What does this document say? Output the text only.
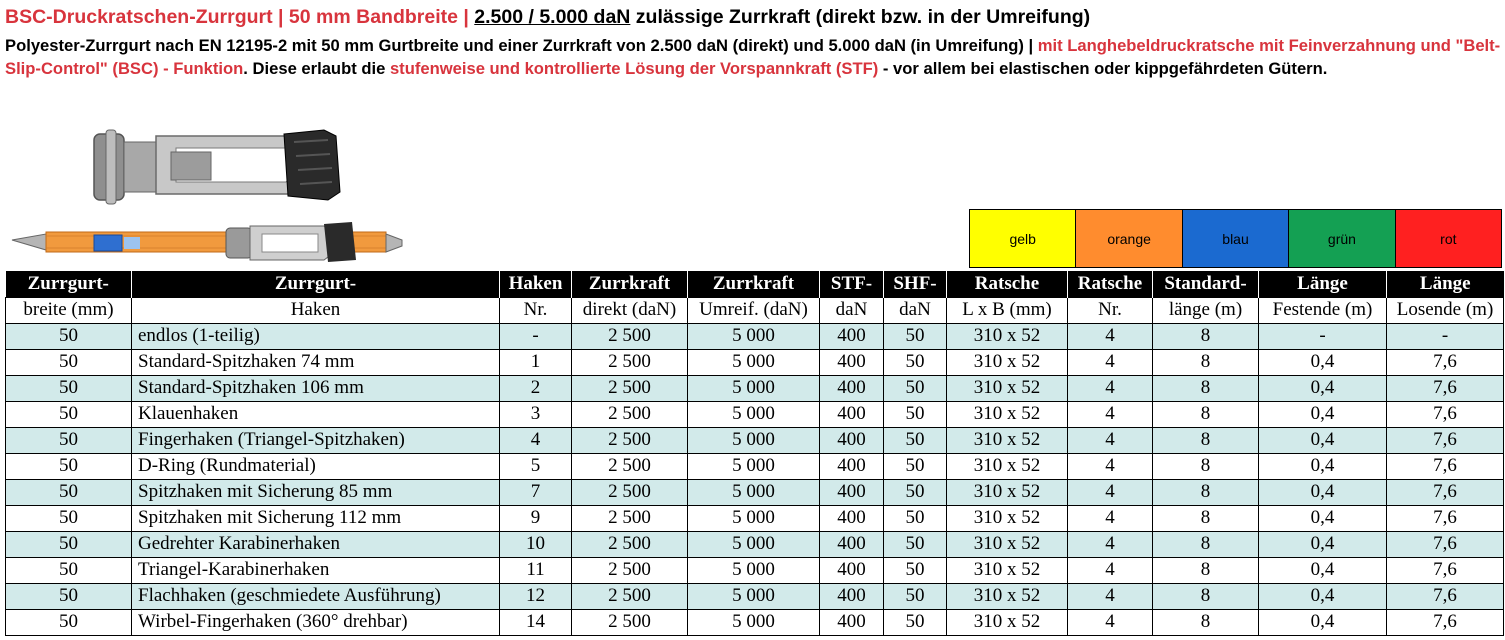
BSC-Druckratschen-Zurrgurt | 50 mm Bandbreite | 2.500 / 5.000 daN zulässige Zurrkraft (direkt bzw. in der Umreifung)
Polyester-Zurrgurt nach EN 12195-2 mit 50 mm Gurtbreite und einer Zurrkraft von 2.500 daN (direkt) und 5.000 daN (in Umreifung) | mit Langhebeldruckratsche mit Feinverzahnung und "Belt-Slip-Control" (BSC) - Funktion. Diese erlaubt die stufenweise und kontrollierte Lösung der Vorspannkraft (STF) - vor allem bei elastischen oder kippgefährdeten Gütern.
gelb	orange	blau	grün	rot
Zurrgurt-	Zurrgurt-	Haken	Zurrkraft	Zurrkraft	STF-	SHF-	Ratsche	Ratsche	Standard-	Länge	Länge
breite (mm)	Haken	Nr.	direkt (daN)	Umreif. (daN)	daN	daN	L x B (mm)	Nr.	länge (m)	Festende (m)	Losende (m)
50	endlos (1-teilig)	-	2 500	5 000	400	50	310 x 52	4	8	-	-
50	Standard-Spitzhaken 74 mm	1	2 500	5 000	400	50	310 x 52	4	8	0,4	7,6
50	Standard-Spitzhaken 106 mm	2	2 500	5 000	400	50	310 x 52	4	8	0,4	7,6
50	Klauenhaken	3	2 500	5 000	400	50	310 x 52	4	8	0,4	7,6
50	Fingerhaken (Triangel-Spitzhaken)	4	2 500	5 000	400	50	310 x 52	4	8	0,4	7,6
50	D-Ring (Rundmaterial)	5	2 500	5 000	400	50	310 x 52	4	8	0,4	7,6
50	Spitzhaken mit Sicherung 85 mm	7	2 500	5 000	400	50	310 x 52	4	8	0,4	7,6
50	Spitzhaken mit Sicherung 112 mm	9	2 500	5 000	400	50	310 x 52	4	8	0,4	7,6
50	Gedrehter Karabinerhaken	10	2 500	5 000	400	50	310 x 52	4	8	0,4	7,6
50	Triangel-Karabinerhaken	11	2 500	5 000	400	50	310 x 52	4	8	0,4	7,6
50	Flachhaken (geschmiedete Ausführung)	12	2 500	5 000	400	50	310 x 52	4	8	0,4	7,6
50	Wirbel-Fingerhaken (360° drehbar)	14	2 500	5 000	400	50	310 x 52	4	8	0,4	7,6
